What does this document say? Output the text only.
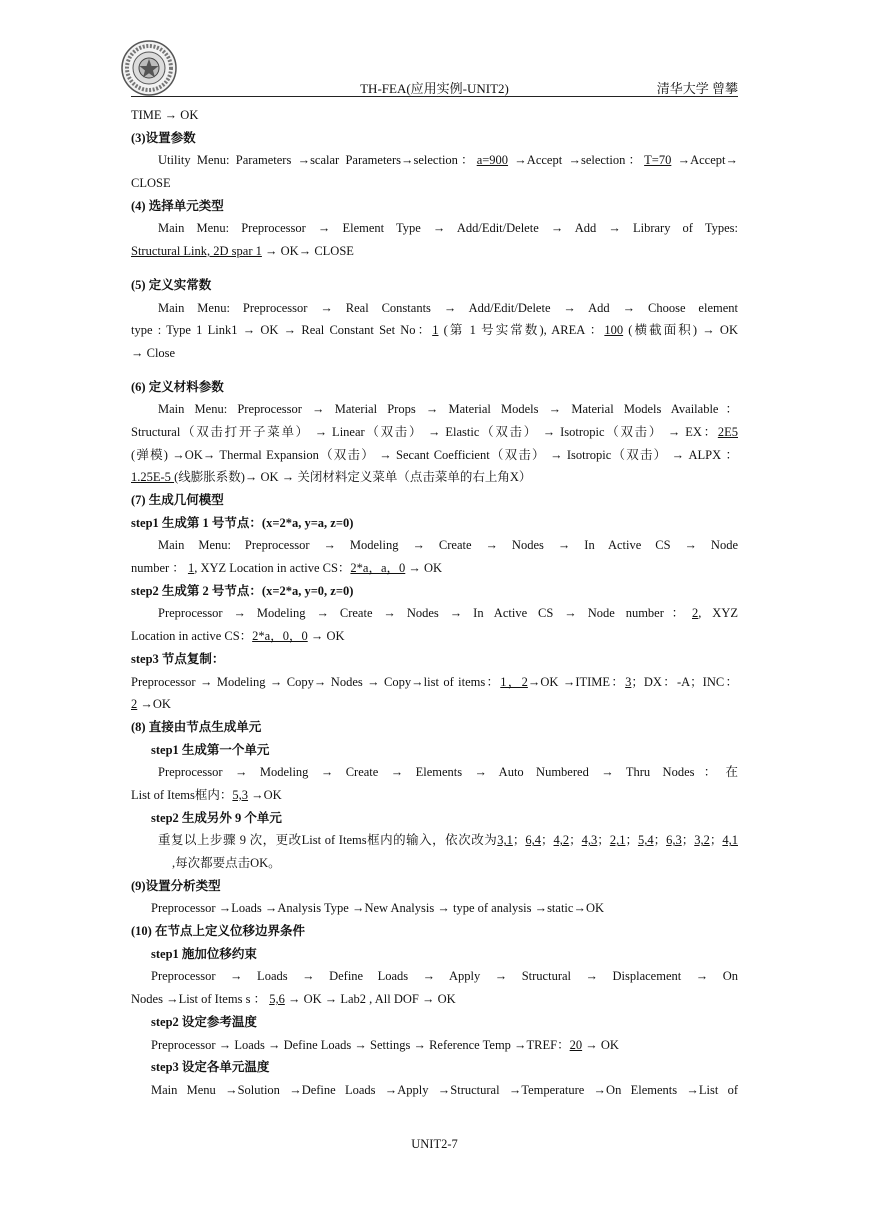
TH-FEA(应用实例-UNIT2)	清华大学 曾攀
TIME → OK
(3)设置参数
Utility Menu: Parameters →scalar Parameters→selection：a=900 →Accept →selection：T=70 →Accept→
CLOSE
(4) 选择单元类型
Main Menu: Preprocessor → Element Type → Add/Edit/Delete → Add → Library of Types:
Structural Link, 2D spar 1 → OK→ CLOSE
(5) 定义实常数
Main Menu: Preprocessor → Real Constants → Add/Edit/Delete → Add → Choose element
type : Type 1 Link1 → OK → Real Constant Set No：1 (第 1 号实常数), AREA ：100 (横截面积) → OK
→ Close
(6) 定义材料参数
Main Menu: Preprocessor → Material Props → Material Models → Material Models Available：
Structural（双击打开子菜单） → Linear（双击） → Elastic（双击） → Isotropic（双击） → EX：2E5
(弹模) →OK→ Thermal Expansion（双击） → Secant Coefficient（双击） → Isotropic（双击） → ALPX ：
1.25E-5 (线膨胀系数)→ OK → 关闭材料定义菜单（点击菜单的右上角X）
(7) 生成几何模型
step1 生成第 1 号节点：(x=2*a, y=a, z=0)
Main Menu: Preprocessor → Modeling → Create → Nodes → In Active CS → Node
number ： 1, XYZ Location in active CS：2*a，a，0 → OK
step2 生成第 2 号节点：(x=2*a, y=0, z=0)
Preprocessor → Modeling → Create → Nodes → In Active CS → Node number：2, XYZ
Location in active CS：2*a，0，0 → OK
step3 节点复制：
Preprocessor → Modeling → Copy→ Nodes → Copy→list of items：1，2→OK →ITIME：3；DX：-A；INC：
2 →OK
(8) 直接由节点生成单元
step1 生成第一个单元
Preprocessor → Modeling → Create → Elements → Auto Numbered → Thru Nodes：在
List of Items框内：5,3 →OK
step2 生成另外 9 个单元
重复以上步骤 9 次，更改List of Items框内的输入，依次改为3,1；6,4；4,2；4,3；2,1；5,4；6,3；3,2；4,1
,每次都要点击OK。
(9)设置分析类型
Preprocessor →Loads →Analysis Type →New Analysis → type of analysis →static→OK
(10) 在节点上定义位移边界条件
step1 施加位移约束
Preprocessor → Loads → Define Loads → Apply → Structural → Displacement → On
Nodes →List of Items s ： 5,6 → OK → Lab2 , All DOF → OK
step2 设定参考温度
Preprocessor → Loads → Define Loads → Settings → Reference Temp →TREF：20 → OK
step3 设定各单元温度
Main Menu →Solution →Define Loads →Apply →Structural →Temperature →On Elements →List of
UNIT2-7
